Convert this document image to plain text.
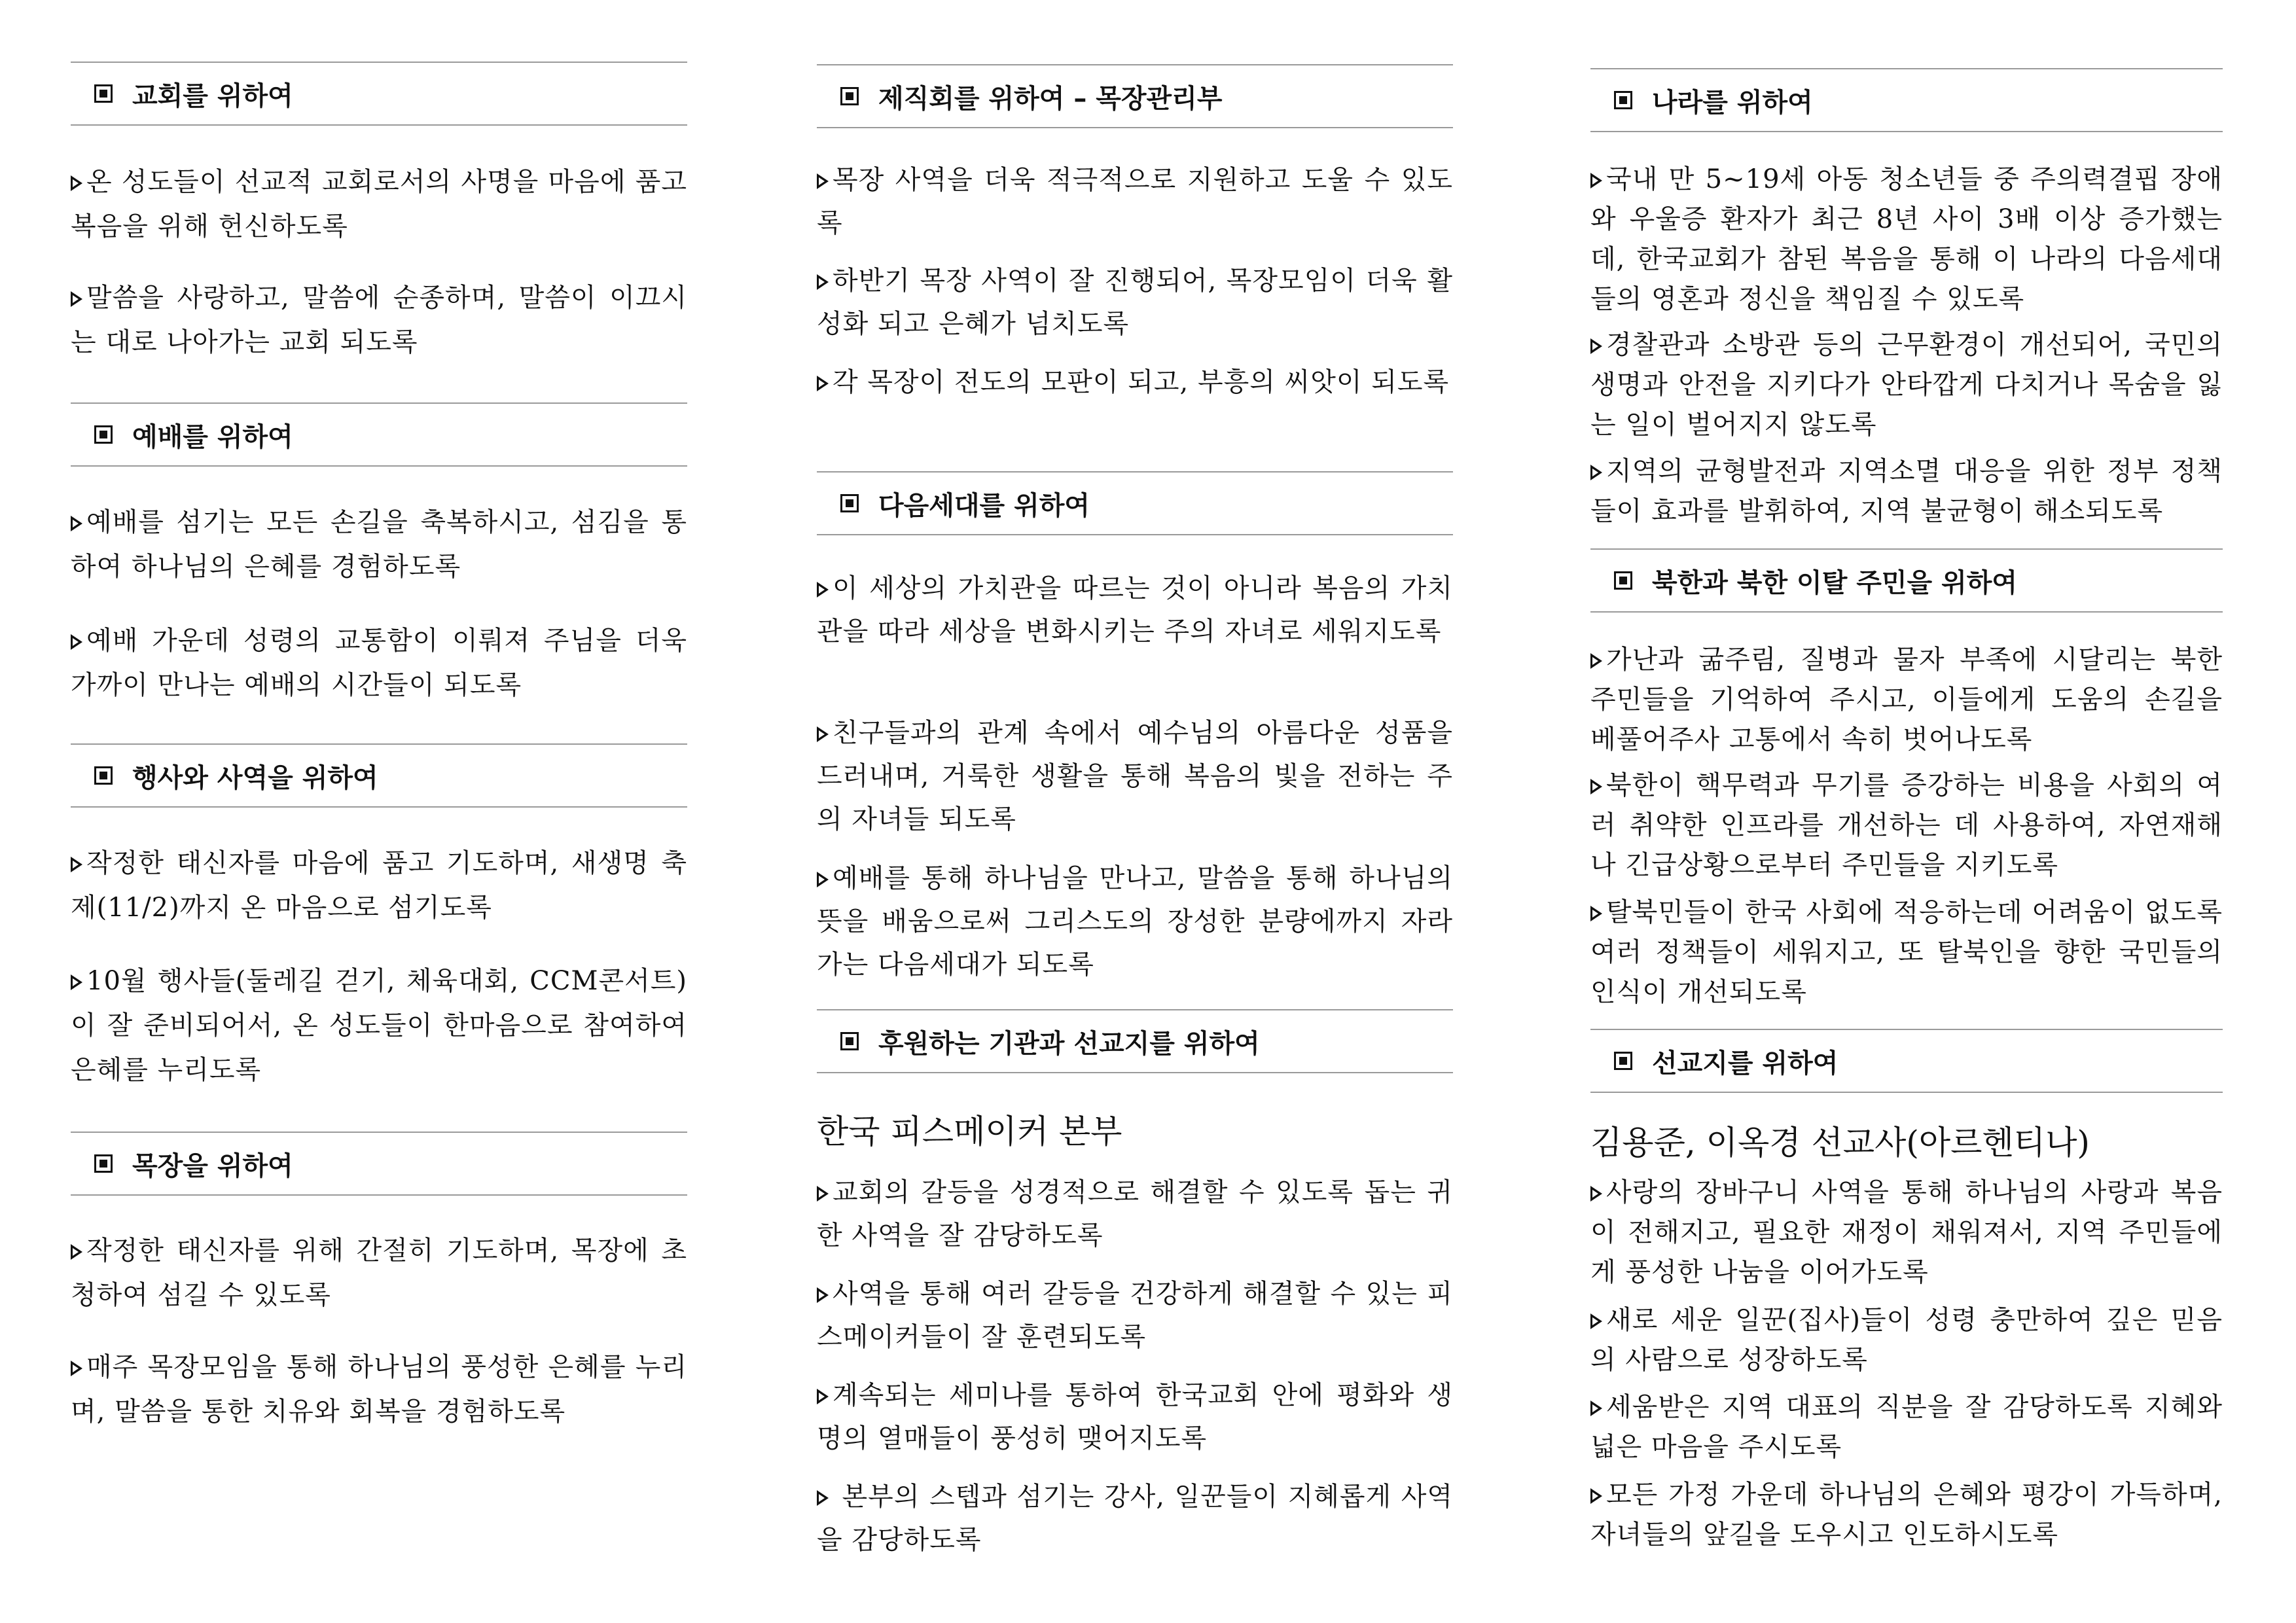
교회를 위하여

온 성도들이 선교적 교회로서의 사명을 마음에 품고 복음을 위해 헌신하도록

말씀을 사랑하고, 말씀에 순종하며, 말씀이 이끄시는 대로 나아가는 교회 되도록

예배를 위하여

예배를 섬기는 모든 손길을 축복하시고, 섬김을 통하여 하나님의 은혜를 경험하도록

예배 가운데 성령의 교통함이 이뤄져 주님을 더욱 가까이 만나는 예배의 시간들이 되도록

행사와 사역을 위하여

작정한 태신자를 마음에 품고 기도하며, 새생명 축제(11/2)까지 온 마음으로 섬기도록

10월 행사들(둘레길 걷기, 체육대회, CCM콘서트)이 잘 준비되어서, 온 성도들이 한마음으로 참여하여 은혜를 누리도록

목장을 위하여

작정한 태신자를 위해 간절히 기도하며, 목장에 초청하여 섬길 수 있도록

매주 목장모임을 통해 하나님의 풍성한 은혜를 누리며, 말씀을 통한 치유와 회복을 경험하도록

제직회를 위하여 – 목장관리부

목장 사역을 더욱 적극적으로 지원하고 도울 수 있도록

하반기 목장 사역이 잘 진행되어, 목장모임이 더욱 활성화 되고 은혜가 넘치도록

각 목장이 전도의 모판이 되고, 부흥의 씨앗이 되도록

다음세대를 위하여

이 세상의 가치관을 따르는 것이 아니라 복음의 가치관을 따라 세상을 변화시키는 주의 자녀로 세워지도록

친구들과의 관계 속에서 예수님의 아름다운 성품을 드러내며, 거룩한 생활을 통해 복음의 빛을 전하는 주의 자녀들 되도록

예배를 통해 하나님을 만나고, 말씀을 통해 하나님의 뜻을 배움으로써 그리스도의 장성한 분량에까지 자라가는 다음세대가 되도록

후원하는 기관과 선교지를 위하여
한국 피스메이커 본부

교회의 갈등을 성경적으로 해결할 수 있도록 돕는 귀한 사역을 잘 감당하도록

사역을 통해 여러 갈등을 건강하게 해결할 수 있는 피스메이커들이 잘 훈련되도록

계속되는 세미나를 통하여 한국교회 안에 평화와 생명의 열매들이 풍성히 맺어지도록

본부의 스텝과 섬기는 강사, 일꾼들이 지혜롭게 사역을 감당하도록

나라를 위하여

국내 만 5~19세 아동 청소년들 중 주의력결핍 장애와 우울증 환자가 최근 8년 사이 3배 이상 증가했는데, 한국교회가 참된 복음을 통해 이 나라의 다음세대들의 영혼과 정신을 책임질 수 있도록

경찰관과 소방관 등의 근무환경이 개선되어, 국민의 생명과 안전을 지키다가 안타깝게 다치거나 목숨을 잃는 일이 벌어지지 않도록

지역의 균형발전과 지역소멸 대응을 위한 정부 정책들이 효과를 발휘하여, 지역 불균형이 해소되도록

북한과 북한 이탈 주민을 위하여

가난과 굶주림, 질병과 물자 부족에 시달리는 북한 주민들을 기억하여 주시고, 이들에게 도움의 손길을 베풀어주사 고통에서 속히 벗어나도록

북한이 핵무력과 무기를 증강하는 비용을 사회의 여러 취약한 인프라를 개선하는 데 사용하여, 자연재해나 긴급상황으로부터 주민들을 지키도록

탈북민들이 한국 사회에 적응하는데 어려움이 없도록 여러 정책들이 세워지고, 또 탈북인을 향한 국민들의 인식이 개선되도록

선교지를 위하여
김용준, 이옥경 선교사(아르헨티나)

사랑의 장바구니 사역을 통해 하나님의 사랑과 복음이 전해지고, 필요한 재정이 채워져서, 지역 주민들에게 풍성한 나눔을 이어가도록

새로 세운 일꾼(집사)들이 성령 충만하여 깊은 믿음의 사람으로 성장하도록

세움받은 지역 대표의 직분을 잘 감당하도록 지혜와 넓은 마음을 주시도록

모든 가정 가운데 하나님의 은혜와 평강이 가득하며, 자녀들의 앞길을 도우시고 인도하시도록
